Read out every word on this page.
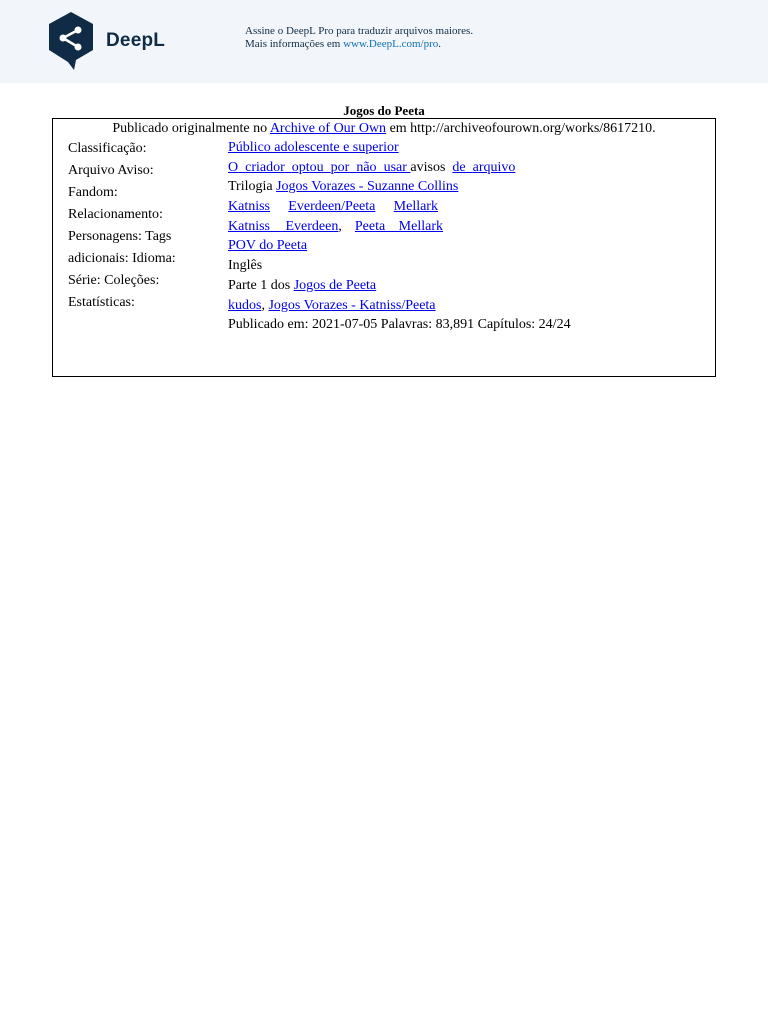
DeepL	Assine o DeepL Pro para traduzir arquivos maiores.
Mais informações em www.DeepL.com/pro.
Jogos do Peeta
Publicado originalmente no Archive of Our Own em http://archiveofourown.org/works/8617210.
Classificação:
Arquivo Aviso:
Fandom:
Relacionamento:
Personagens: Tags
adicionais: Idioma:
Série: Coleções:
Estatísticas:
Público adolescente e superior
O criador optou por não usar avisos de arquivo
Trilogia Jogos Vorazes - Suzanne Collins
Katniss Everdeen/Peeta Mellark
Katniss Everdeen, Peeta Mellark
POV do Peeta
Inglês
Parte 1 dos Jogos de Peeta
kudos, Jogos Vorazes - Katniss/Peeta
Publicado em: 2021-07-05 Palavras: 83,891 Capítulos: 24/24
